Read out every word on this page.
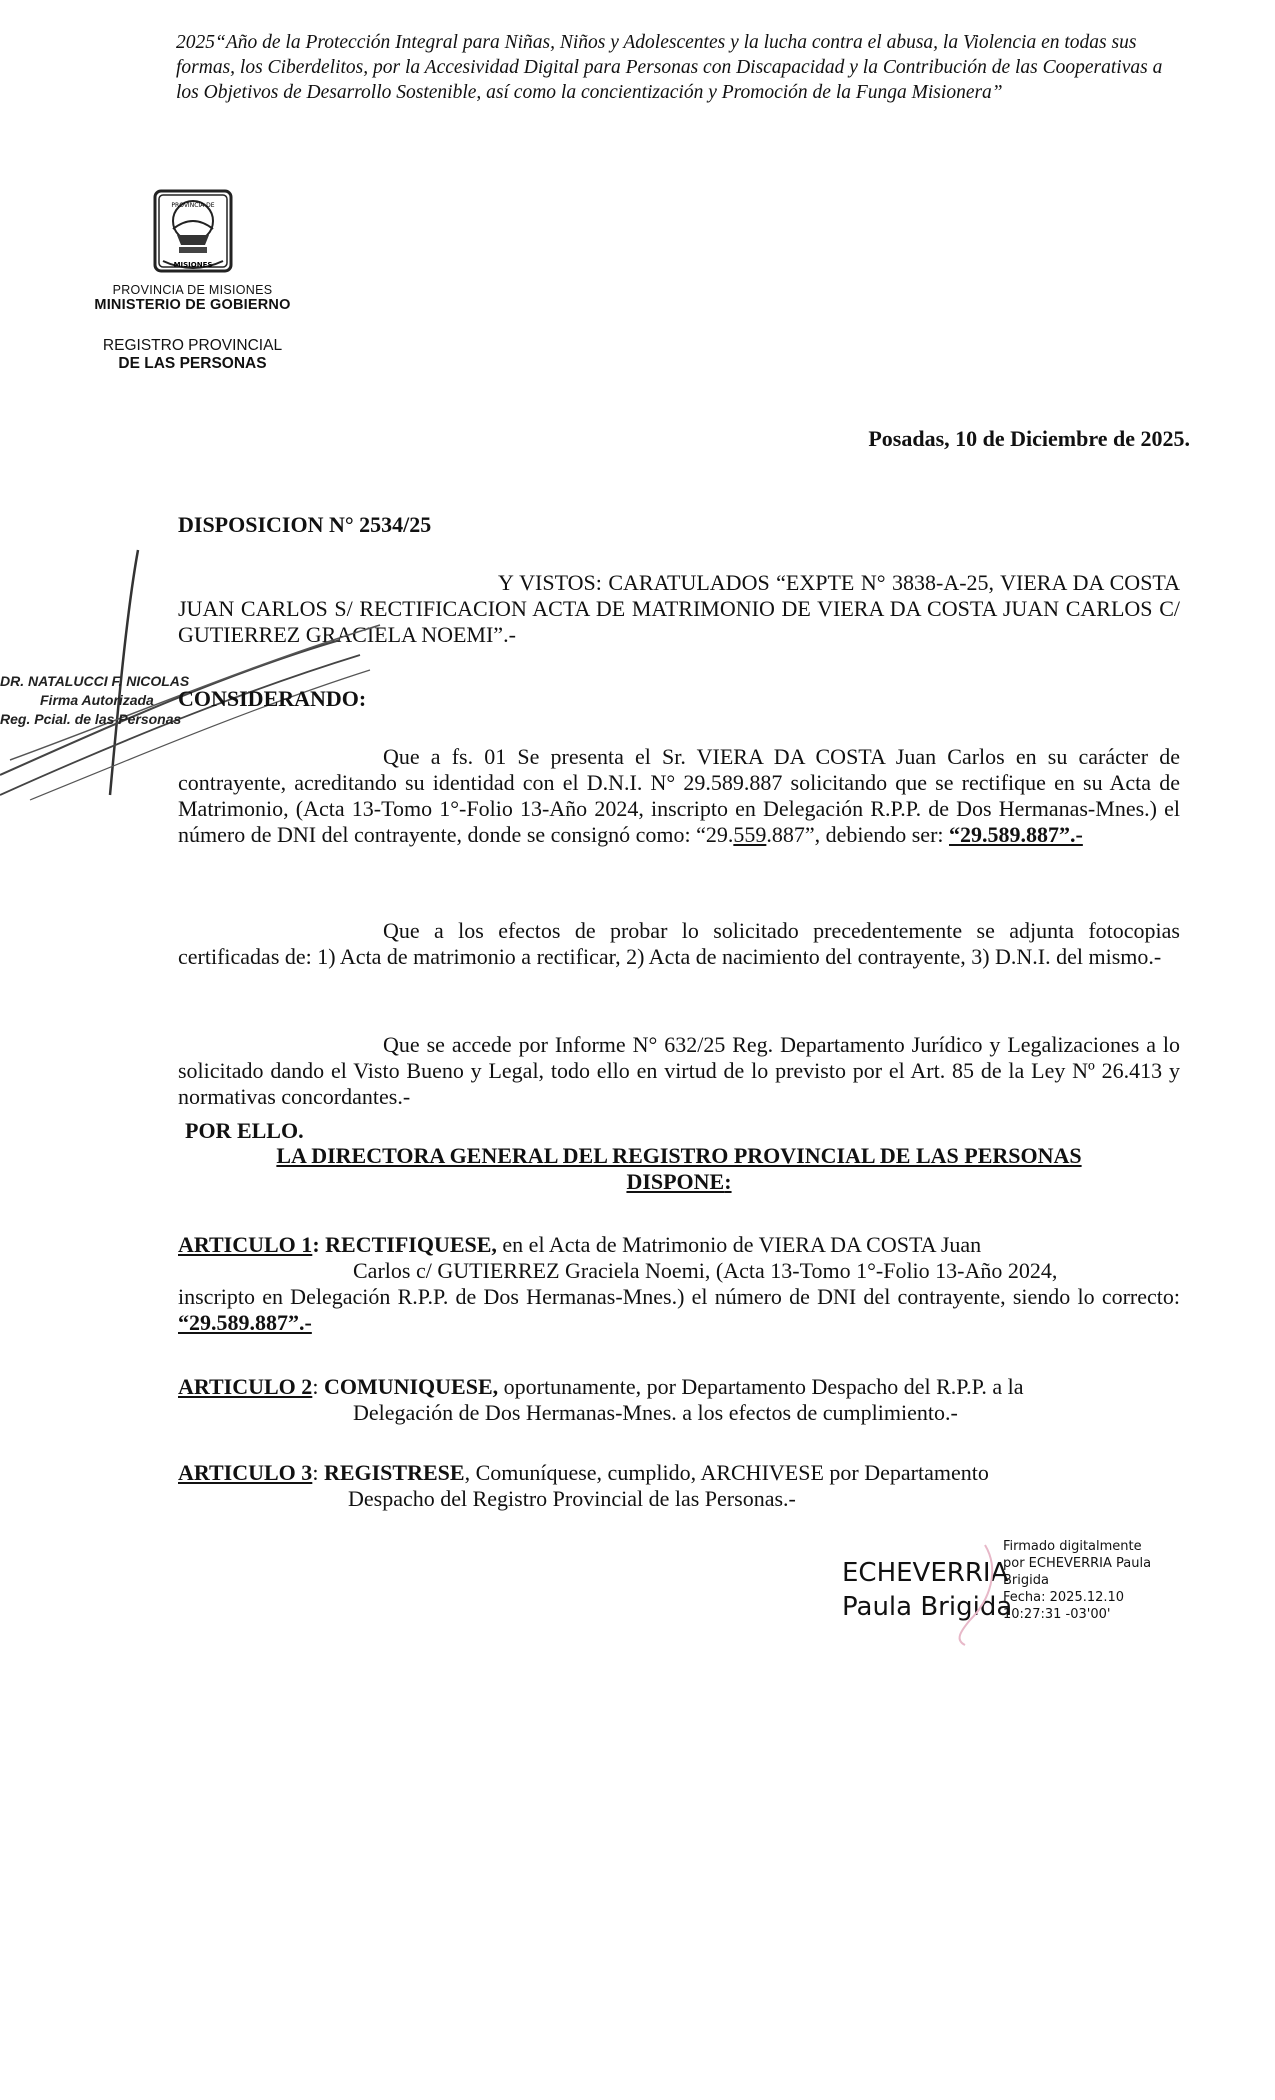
2025“Año de la Protección Integral para Niñas, Niños y Adolescentes y la lucha contra el abusa, la Violencia en todas sus formas, los Ciberdelitos, por la Accesividad Digital para Personas con Discapacidad y la Contribución de las Cooperativas a los Objetivos de Desarrollo Sostenible, así como la concientización y Promoción de la Funga Misionera”
PROVINCIA DE
MISIONES
PROVINCIA DE MISIONES
MINISTERIO DE GOBIERNO
REGISTRO PROVINCIAL
DE LAS PERSONAS
Posadas, 10 de Diciembre de 2025.
DISPOSICION N° 2534/25
Y VISTOS: CARATULADOS “EXPTE N° 3838-A-25, VIERA DA COSTA JUAN CARLOS S/ RECTIFICACION ACTA DE MATRIMONIO DE VIERA DA COSTA JUAN CARLOS C/ GUTIERREZ GRACIELA NOEMI”.-
DR. NATALUCCI F. NICOLAS
Firma Autorizada
Reg. Pcial. de las Personas
CONSIDERANDO:
Que a fs. 01 Se presenta el Sr. VIERA DA COSTA Juan Carlos en su carácter de contrayente, acreditando su identidad con el D.N.I. N° 29.589.887 solicitando que se rectifique en su Acta de Matrimonio, (Acta 13-Tomo 1°-Folio 13-Año 2024, inscripto en Delegación R.P.P. de Dos Hermanas-Mnes.) el número de DNI del contrayente, donde se consignó como: “29.559.887”, debiendo ser: “29.589.887”.-
Que a los efectos de probar lo solicitado precedentemente se adjunta fotocopias certificadas de: 1) Acta de matrimonio a rectificar, 2) Acta de nacimiento del contrayente, 3) D.N.I. del mismo.-
Que se accede por Informe N° 632/25 Reg. Departamento Jurídico y Legalizaciones a lo solicitado dando el Visto Bueno y Legal, todo ello en virtud de lo previsto por el Art. 85 de la Ley Nº 26.413 y normativas concordantes.-
POR ELLO.
LA DIRECTORA GENERAL DEL REGISTRO PROVINCIAL DE LAS PERSONAS
DISPONE:
ARTICULO 1: RECTIFIQUESE, en el Acta de Matrimonio de VIERA DA COSTA Juan
Carlos c/ GUTIERREZ Graciela Noemi, (Acta 13-Tomo 1°-Folio 13-Año 2024,
inscripto en Delegación R.P.P. de Dos Hermanas-Mnes.) el número de DNI del contrayente, siendo lo correcto: “29.589.887”.-
ARTICULO 2: COMUNIQUESE, oportunamente, por Departamento Despacho del R.P.P. a la
Delegación de Dos Hermanas-Mnes. a los efectos de cumplimiento.-
ARTICULO 3: REGISTRESE, Comuníquese, cumplido, ARCHIVESE por Departamento
Despacho del Registro Provincial de las Personas.-
ECHEVERRIA
Paula Brigida
Firmado digitalmente
por ECHEVERRIA Paula
Brigida
Fecha: 2025.12.10
10:27:31 -03'00'
